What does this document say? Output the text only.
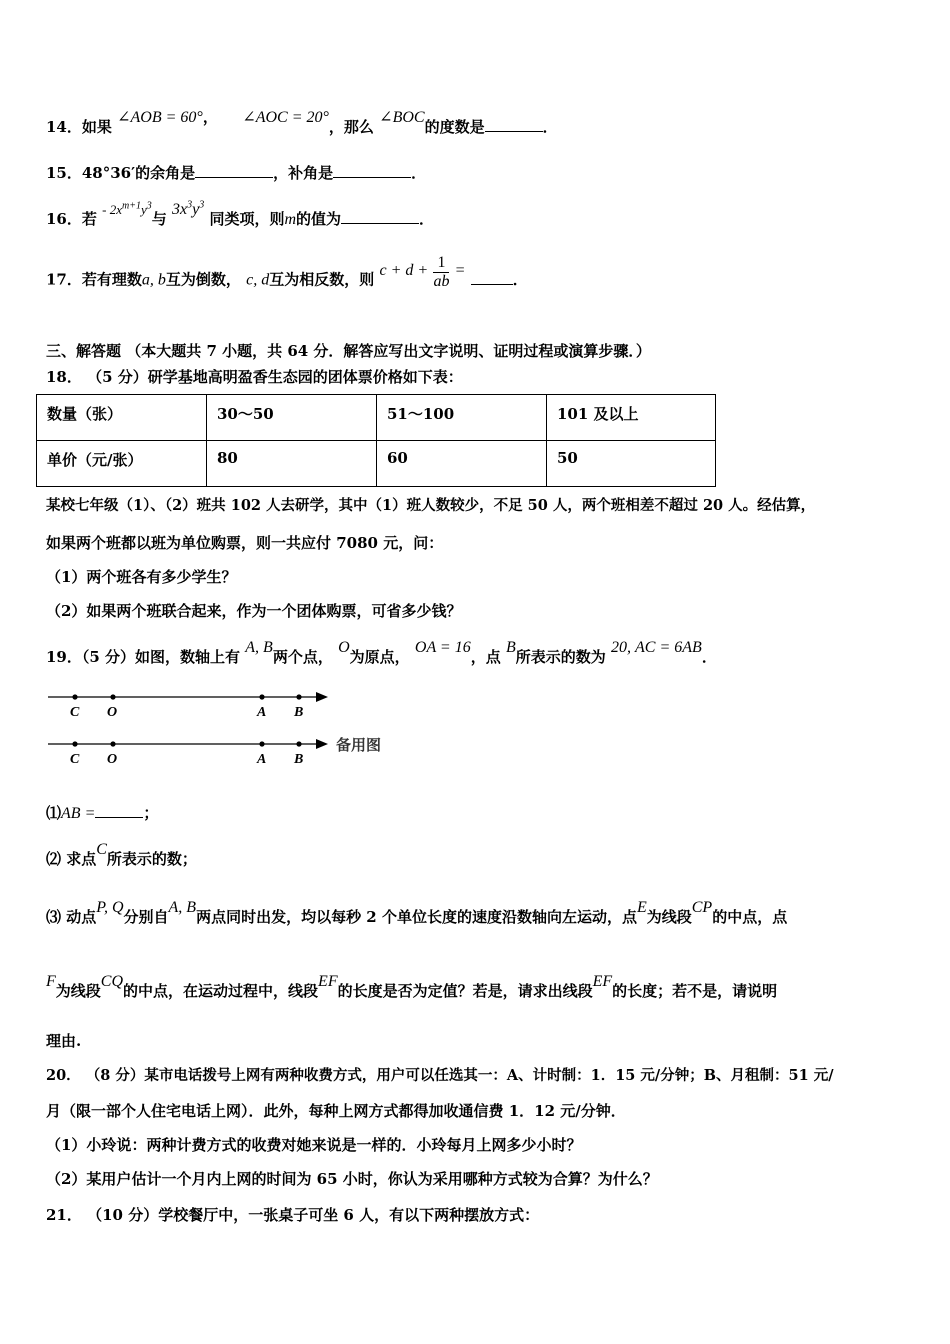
14．如果 ∠AOB = 60°， ∠AOC = 20°，那么 ∠BOC的度数是	．
15．48°36′的余角是	，补角是	．
16．若 - $2x^{m+1}y^3$与 $3x^3y^3$ 同类项，则m的值为	．
17．若有理数a, b互为倒数， c, d互为相反数，则 $c + d + \frac{1}{ab}$ = ．
三、解答题 （本大题共 7 小题，共 64 分．解答应写出文字说明、证明过程或演算步骤．）
18． （5 分）研学基地高明盈香生态园的团体票价格如下表：
数量（张）	30～50	51～100	101 及以上
单价（元/张）	80	60	50
某校七年级（1）、（2）班共 102 人去研学，其中（1）班人数较少，不足 50 人，两个班相差不超过 20 人。经估算，
如果两个班都以班为单位购票，则一共应付 7080 元，问：
（1）两个班各有多少学生？
（2）如果两个班联合起来，作为一个团体购票，可省多少钱？
19．（5 分）如图，数轴上有 A, B两个点， O为原点， OA = 16，点 B所表示的数为 20, AC = 6AB．
C O	A B
C O	A B
备用图
⑴AB =	；
⑵ 求点C所表示的数；
⑶ 动点P, Q分别自A, B两点同时出发，均以每秒 2 个单位长度的速度沿数轴向左运动，点E为线段CP的中点，点
F为线段CQ的中点，在运动过程中，线段EF的长度是否为定值？若是，请求出线段EF的长度；若不是，请说明
理由.
20． （8 分）某市电话拨号上网有两种收费方式，用户可以任选其一：A、计时制：1．15 元/分钟；B、月租制：51 元/
月（限一部个人住宅电话上网）．此外，每种上网方式都得加收通信费 1．12 元/分钟．
（1）小玲说：两种计费方式的收费对她来说是一样的．小玲每月上网多少小时？
（2）某用户估计一个月内上网的时间为 65 小时，你认为采用哪种方式较为合算？为什么？
21． （10 分）学校餐厅中，一张桌子可坐 6 人，有以下两种摆放方式：
